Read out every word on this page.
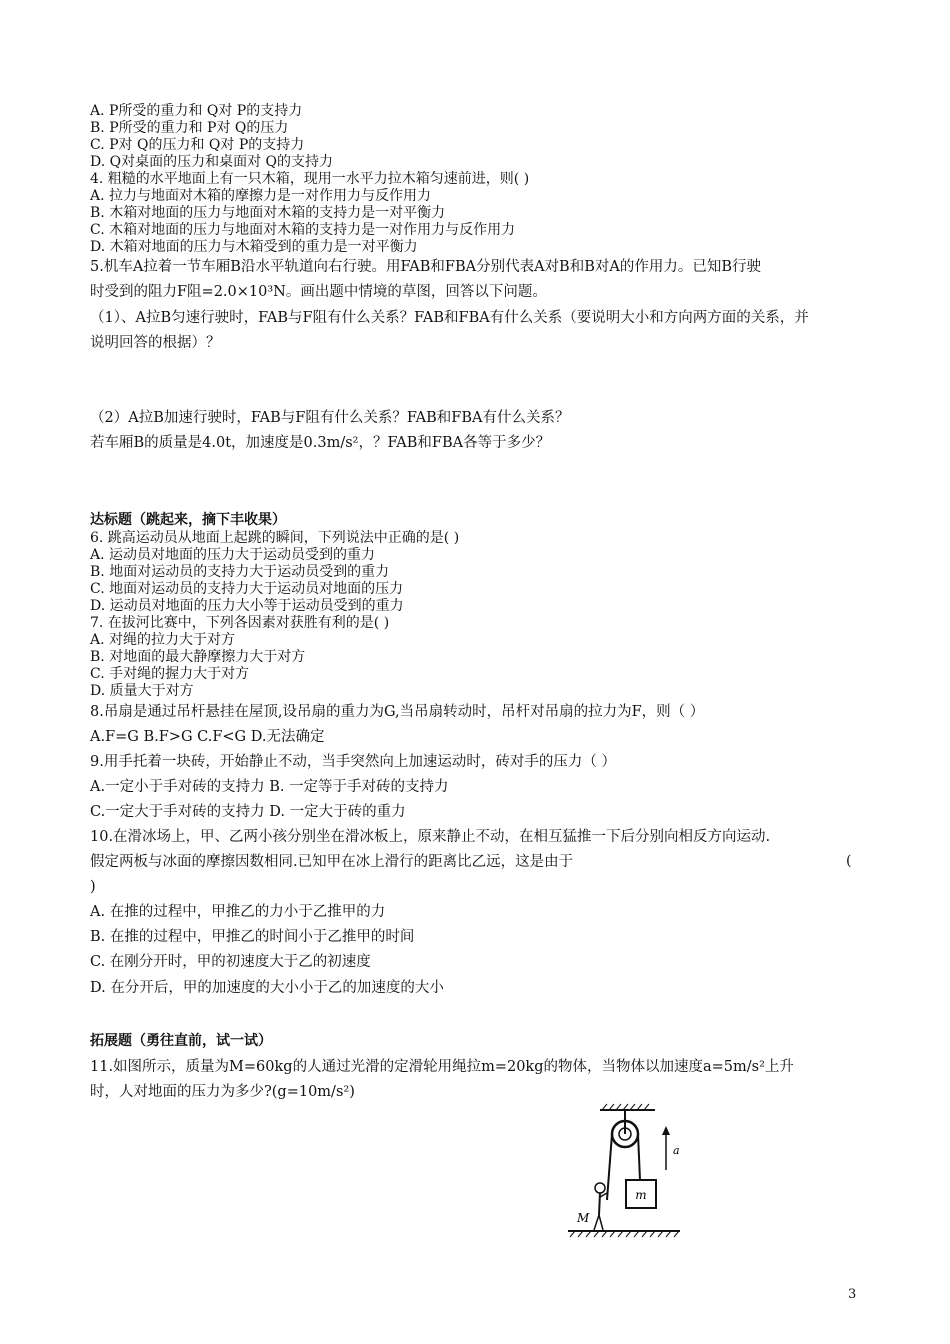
A. P所受的重力和 Q对 P的支持力
B. P所受的重力和 P对 Q的压力
C. P对 Q的压力和 Q对 P的支持力
D. Q对桌面的压力和桌面对 Q的支持力
4. 粗糙的水平地面上有一只木箱，现用一水平力拉木箱匀速前进，则( )
A. 拉力与地面对木箱的摩擦力是一对作用力与反作用力
B. 木箱对地面的压力与地面对木箱的支持力是一对平衡力
C. 木箱对地面的压力与地面对木箱的支持力是一对作用力与反作用力
D. 木箱对地面的压力与木箱受到的重力是一对平衡力
5.机车A拉着一节车厢B沿水平轨道向右行驶。用FAB和FBA分别代表A对B和B对A的作用力。已知B行驶
时受到的阻力F阻=2.0×10³N。画出题中情境的草图，回答以下问题。
（1）、A拉B匀速行驶时，FAB与F阻有什么关系？FAB和FBA有什么关系（要说明大小和方向两方面的关系，并
说明回答的根据）？
（2）A拉B加速行驶时，FAB与F阻有什么关系？FAB和FBA有什么关系？
若车厢B的质量是4.0t，加速度是0.3m/s²，？FAB和FBA各等于多少？
达标题（跳起来，摘下丰收果）
6. 跳高运动员从地面上起跳的瞬间，下列说法中正确的是( )
A. 运动员对地面的压力大于运动员受到的重力
B. 地面对运动员的支持力大于运动员受到的重力
C. 地面对运动员的支持力大于运动员对地面的压力
D. 运动员对地面的压力大小等于运动员受到的重力
7. 在拔河比赛中，下列各因素对获胜有利的是( )
A. 对绳的拉力大于对方
B. 对地面的最大静摩擦力大于对方
C. 手对绳的握力大于对方
D. 质量大于对方
8.吊扇是通过吊杆悬挂在屋顶,设吊扇的重力为G,当吊扇转动时，吊杆对吊扇的拉力为F，则（ ）
A.F=G B.F>G C.F<G D.无法确定
9.用手托着一块砖，开始静止不动，当手突然向上加速运动时，砖对手的压力（ ）
A.一定小于手对砖的支持力 B. 一定等于手对砖的支持力
C.一定大于手对砖的支持力 D. 一定大于砖的重力
10.在滑冰场上，甲、乙两小孩分别坐在滑冰板上，原来静止不动，在相互猛推一下后分别向相反方向运动.
假定两板与冰面的摩擦因数相同.已知甲在冰上滑行的距离比乙远，这是由于	(
)
A. 在推的过程中，甲推乙的力小于乙推甲的力
B. 在推的过程中，甲推乙的时间小于乙推甲的时间
C. 在刚分开时，甲的初速度大于乙的初速度
D. 在分开后，甲的加速度的大小小于乙的加速度的大小
拓展题（勇往直前，试一试）
11.如图所示，质量为M=60kg的人通过光滑的定滑轮用绳拉m=20kg的物体，当物体以加速度a=5m/s²上升
时，人对地面的压力为多少?(g=10m/s²)
m
a
M
3
